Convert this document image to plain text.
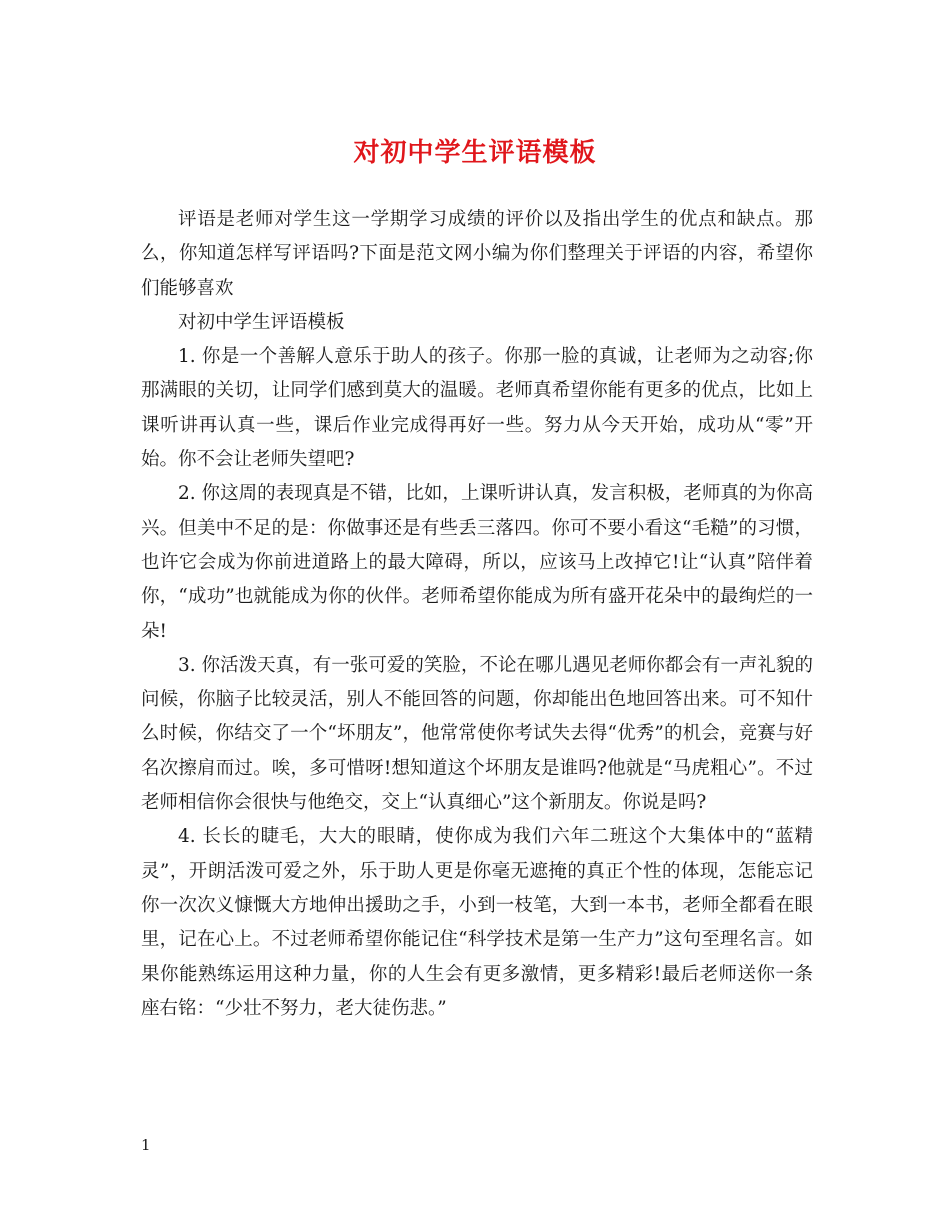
对初中学生评语模板

评语是老师对学生这一学期学习成绩的评价以及指出学生的优点和缺点。那么，你知道怎样写评语吗?下面是范文网小编为你们整理关于评语的内容，希望你们能够喜欢

对初中学生评语模板

1. 你是一个善解人意乐于助人的孩子。你那一脸的真诚，让老师为之动容;你那满眼的关切，让同学们感到莫大的温暖。老师真希望你能有更多的优点，比如上课听讲再认真一些，课后作业完成得再好一些。努力从今天开始，成功从“零”开始。你不会让老师失望吧?

2. 你这周的表现真是不错，比如，上课听讲认真，发言积极，老师真的为你高兴。但美中不足的是：你做事还是有些丢三落四。你可不要小看这“毛糙”的习惯，也许它会成为你前进道路上的最大障碍，所以，应该马上改掉它!让“认真”陪伴着你，“成功”也就能成为你的伙伴。老师希望你能成为所有盛开花朵中的最绚烂的一朵!

3. 你活泼天真，有一张可爱的笑脸，不论在哪儿遇见老师你都会有一声礼貌的问候，你脑子比较灵活，别人不能回答的问题，你却能出色地回答出来。可不知什么时候，你结交了一个“坏朋友”，他常常使你考试失去得“优秀”的机会，竞赛与好名次擦肩而过。唉，多可惜呀!想知道这个坏朋友是谁吗?他就是“马虎粗心”。不过老师相信你会很快与他绝交，交上“认真细心”这个新朋友。你说是吗?

4. 长长的睫毛，大大的眼睛，使你成为我们六年二班这个大集体中的“蓝精灵”，开朗活泼可爱之外，乐于助人更是你毫无遮掩的真正个性的体现，怎能忘记你一次次义慷慨大方地伸出援助之手，小到一枝笔，大到一本书，老师全都看在眼里，记在心上。不过老师希望你能记住“科学技术是第一生产力”这句至理名言。如果你能熟练运用这种力量，你的人生会有更多激情，更多精彩!最后老师送你一条座右铭：“少壮不努力，老大徒伤悲。”

1
